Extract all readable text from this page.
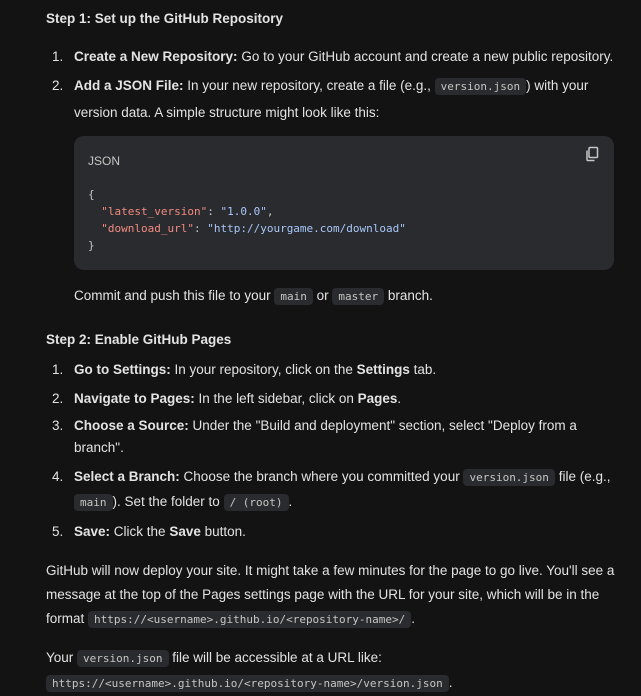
Step 1: Set up the GitHub Repository
1. Create a New Repository: Go to your GitHub account and create a new public repository.
2. Add a JSON File: In your new repository, create a file (e.g., version.json ) with your version data. A simple structure might look like this:
JSON
{
"latest_version": "1.0.0",
"download_url": "http://yourgame.com/download"
}
Commit and push this file to your main or master branch.
Step 2: Enable GitHub Pages
1. Go to Settings: In your repository, click on the Settings tab.
2. Navigate to Pages: In the left sidebar, click on Pages.
3. Choose a Source: Under the "Build and deployment" section, select "Deploy from a branch".
4. Select a Branch: Choose the branch where you committed your version.json file (e.g., main ). Set the folder to / (root) .
5. Save: Click the Save button.
GitHub will now deploy your site. It might take a few minutes for the page to go live. You'll see a message at the top of the Pages settings page with the URL for your site, which will be in the format https://<username>.github.io/<repository-name>/ .
Your version.json file will be accessible at a URL like: https://<username>.github.io/<repository-name>/version.json .
